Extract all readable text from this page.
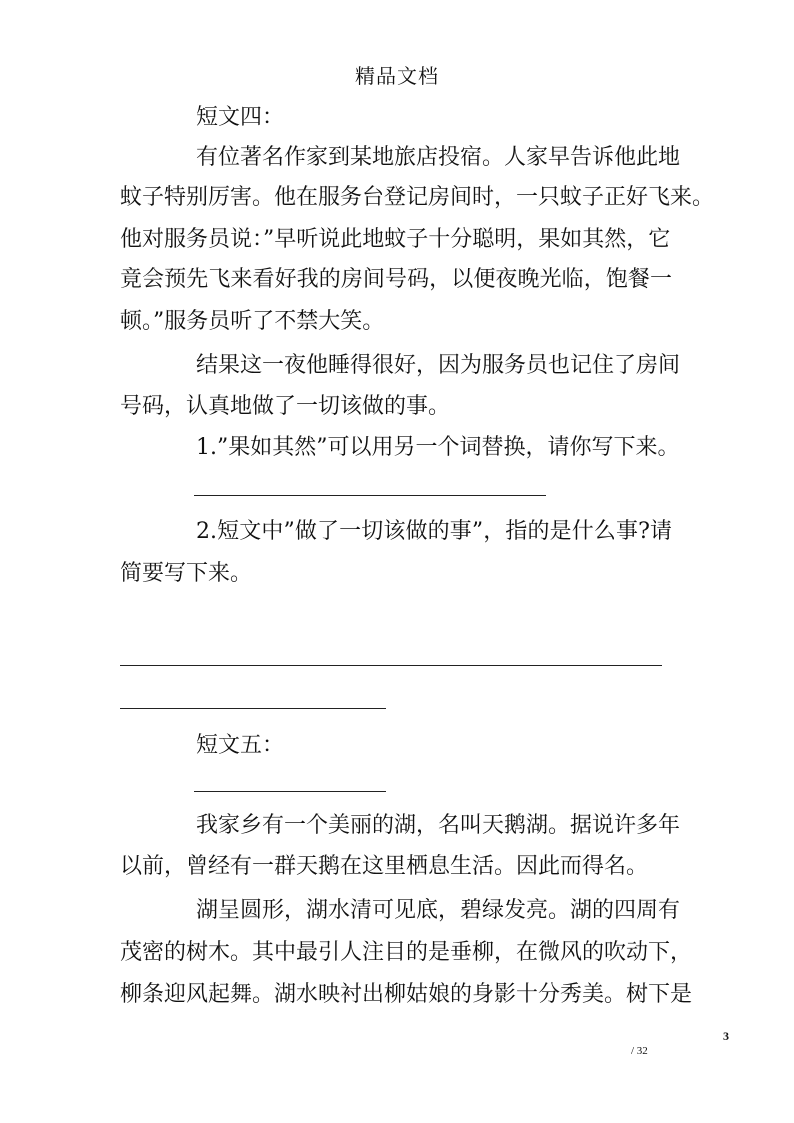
精品文档
短文四：
有位著名作家到某地旅店投宿。人家早告诉他此地
蚊子特别厉害。他在服务台登记房间时，一只蚊子正好飞来。
他对服务员说：”早听说此地蚊子十分聪明，果如其然，它
竟会预先飞来看好我的房间号码，以便夜晚光临，饱餐一
顿。”服务员听了不禁大笑。
结果这一夜他睡得很好，因为服务员也记住了房间
号码，认真地做了一切该做的事。
1.”果如其然”可以用另一个词替换，请你写下来。
2.短文中”做了一切该做的事”，指的是什么事?请
简要写下来。
短文五：
我家乡有一个美丽的湖，名叫天鹅湖。据说许多年
以前，曾经有一群天鹅在这里栖息生活。因此而得名。
湖呈圆形，湖水清可见底，碧绿发亮。湖的四周有
茂密的树木。其中最引人注目的是垂柳，在微风的吹动下，
柳条迎风起舞。湖水映衬出柳姑娘的身影十分秀美。树下是
3
/ 32
